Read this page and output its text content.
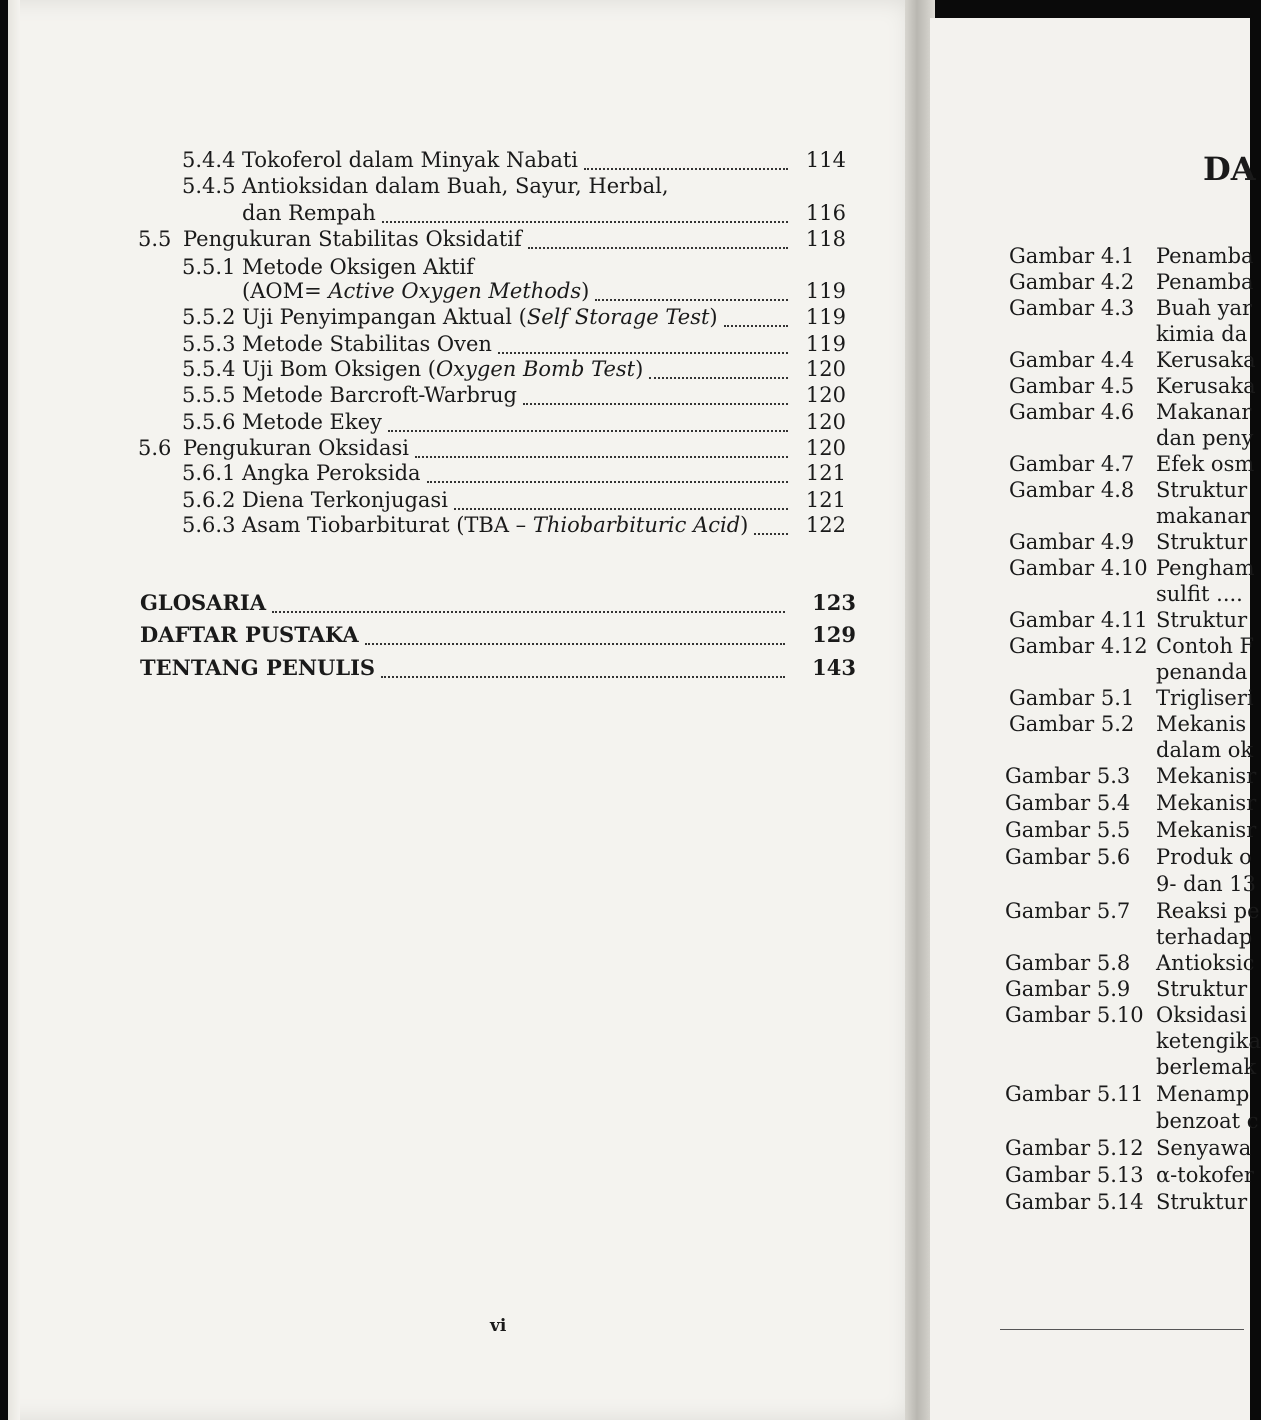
5.4.4 Tokoferol dalam Minyak Nabati	114
5.4.5 Antioksidan dalam Buah, Sayur, Herbal,
dan Rempah	116
5.5 Pengukuran Stabilitas Oksidatif	118
5.5.1 Metode Oksigen Aktif
(AOM= Active Oxygen Methods)	119
5.5.2 Uji Penyimpangan Aktual (Self Storage Test)	119
5.5.3 Metode Stabilitas Oven	119
5.5.4 Uji Bom Oksigen (Oxygen Bomb Test)	120
5.5.5 Metode Barcroft-Warbrug	120
5.5.6 Metode Ekey	120
5.6 Pengukuran Oksidasi	120
5.6.1 Angka Peroksida	121
5.6.2 Diena Terkonjugasi	121
5.6.3 Asam Tiobarbiturat (TBA – Thiobarbituric Acid)	122
GLOSARIA	123
DAFTAR PUSTAKA	129
TENTANG PENULIS	143
vi
DA
Gambar 4.1 Penamba
Gambar 4.2 Penamba
Gambar 4.3 Buah yar
kimia da
Gambar 4.4 Kerusaka
Gambar 4.5 Kerusaka
Gambar 4.6 Makanar
dan peny
Gambar 4.7 Efek osm
Gambar 4.8 Struktur
makanar
Gambar 4.9 Struktur
Gambar 4.10 Pengham
sulfit ....
Gambar 4.11 Struktur
Gambar 4.12 Contoh F
penanda
Gambar 5.1 Trigliseri
Gambar 5.2 Mekanis
dalam ok
Gambar 5.3 Mekanisr
Gambar 5.4 Mekanisr
Gambar 5.5 Mekanisr
Gambar 5.6 Produk o
9- dan 13
Gambar 5.7 Reaksi pe
terhadap
Gambar 5.8 Antioksic
Gambar 5.9 Struktur
Gambar 5.10 Oksidasi
ketengika
berlemak
Gambar 5.11 Menamp
benzoat c
Gambar 5.12 Senyawa
Gambar 5.13 α-tokofer
Gambar 5.14 Struktur
